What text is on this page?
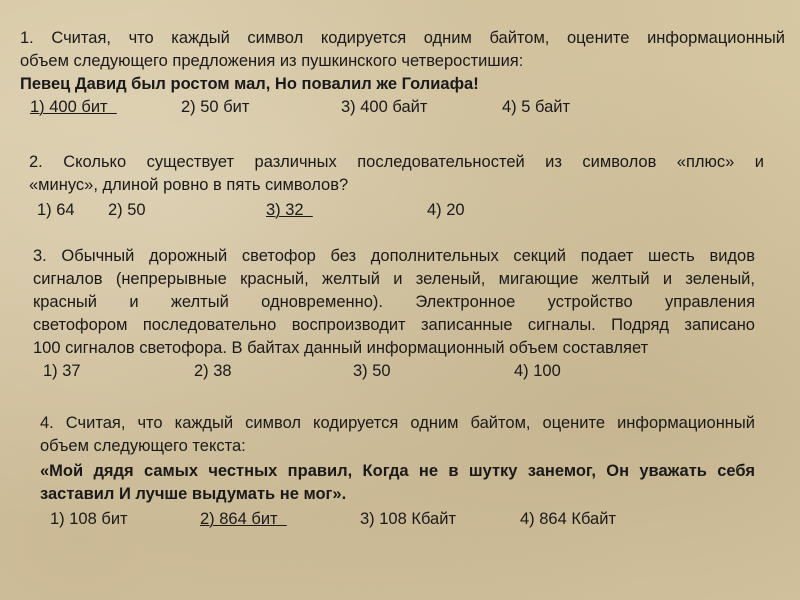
1. Считая, что каждый символ кодируется одним байтом, оцените информационный

объем следующего предложения из пушкинского четверостишия:

Певец Давид был ростом мал, Но повалил же Голиафа!

1) 400 бит	2) 50 бит	3) 400 байт	4) 5 байт

2. Сколько существует различных последовательностей из символов «плюс» и

«минус», длиной ровно в пять символов?

1) 64 2) 50	3) 32	4) 20

3. Обычный дорожный светофор без дополнительных секций подает шесть видов

сигналов (непрерывные красный, желтый и зеленый, мигающие желтый и зеленый,

красный и желтый одновременно). Электронное устройство управления

светофором последовательно воспроизводит записанные сигналы. Подряд записано

100 сигналов светофора. В байтах данный информационный объем составляет

1) 37	2) 38	3) 50	4) 100

4. Считая, что каждый символ кодируется одним байтом, оцените информационный

объем следующего текста:

«Мой дядя самых честных правил, Когда не в шутку занемог, Он уважать себя

заставил И лучше выдумать не мог».

1) 108 бит	2) 864 бит	3) 108 Кбайт	4) 864 Кбайт
